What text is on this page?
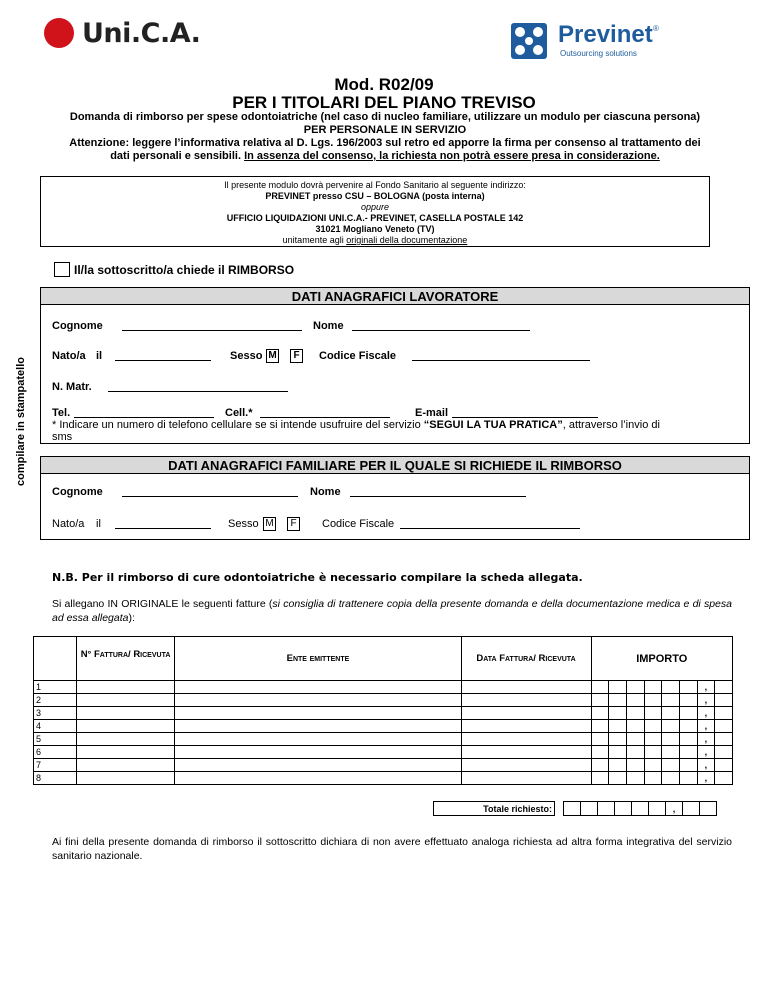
Uni.C.A.	Previnet ®
Outsourcing solutions
Mod. R02/09
PER I TITOLARI DEL PIANO TREVISO
Domanda di rimborso per spese odontoiatriche (nel caso di nucleo familiare, utilizzare un modulo per ciascuna persona)
PER PERSONALE IN SERVIZIO
Attenzione: leggere l’informativa relativa al D. Lgs. 196/2003 sul retro ed apporre la firma per consenso al trattamento dei
dati personali e sensibili. In assenza del consenso, la richiesta non potrà essere presa in considerazione.
Il presente modulo dovrà pervenire al Fondo Sanitario al seguente indirizzo:
PREVINET presso CSU – BOLOGNA (posta interna)
oppure
UFFICIO LIQUIDAZIONI UNI.C.A.- PREVINET, CASELLA POSTALE 142
31021 Mogliano Veneto (TV)
unitamente agli originali della documentazione
Il/la sottoscritto/a chiede il RIMBORSO
compilare in stampatello
DATI ANAGRAFICI LAVORATORE
Cognome	Nome
Nato/a il	Sesso M	F	Codice Fiscale
N. Matr.
Tel.	Cell.*	E-mail
* Indicare un numero di telefono cellulare se si intende usufruire del servizio “SEGUI LA TUA PRATICA”, attraverso l’invio di
sms
DATI ANAGRAFICI FAMILIARE PER IL QUALE SI RICHIEDE IL RIMBORSO
Cognome	Nome
Nato/a il	Sesso M	F	Codice Fiscale
N.B. Per il rimborso di cure odontoiatriche è necessario compilare la scheda allegata.
Si allegano IN ORIGINALE le seguenti fatture (si consiglia di trattenere copia della presente domanda e della documentazione medica e di spesa ad essa allegata):
	N° Fattura/ Ricevuta	Ente emittente	Data Fattura/ Ricevuta	IMPORTO							
1										,	
2										,	
3										,	
4										,	
5										,	
6										,	
7										,	
8										,	
Totale richiesto:								,		
Ai fini della presente domanda di rimborso il sottoscritto dichiara di non avere effettuato analoga richiesta ad altra forma integrativa del servizio sanitario nazionale.
